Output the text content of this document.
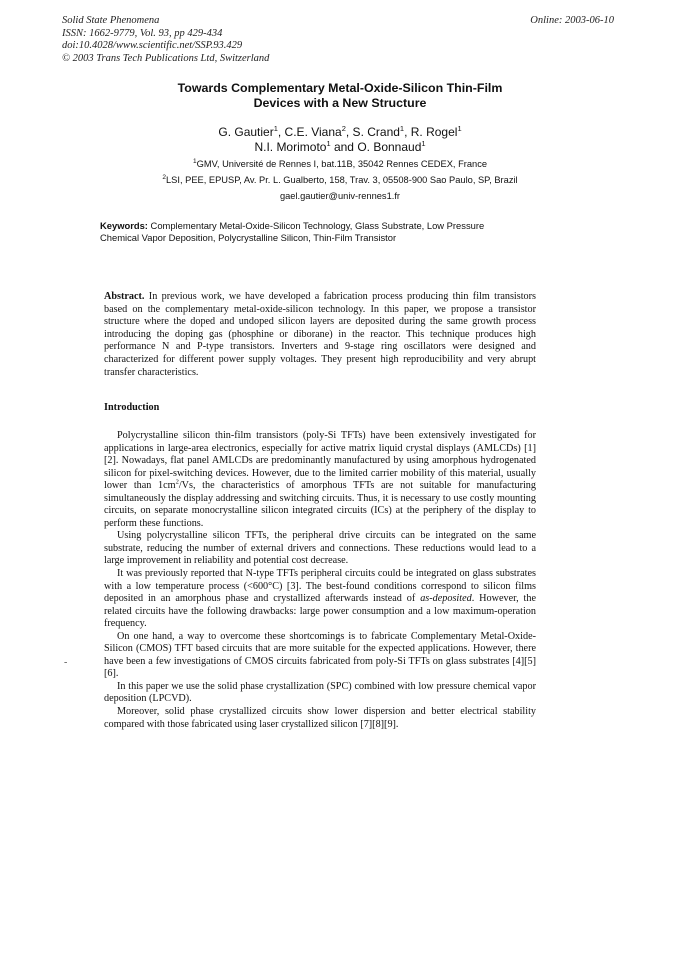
Solid State Phenomena
ISSN: 1662-9779, Vol. 93, pp 429-434
doi:10.4028/www.scientific.net/SSP.93.429
© 2003 Trans Tech Publications Ltd, Switzerland
Online: 2003-06-10
Towards Complementary Metal-Oxide-Silicon Thin-Film
Devices with a New Structure
G. Gautier$^1$, C.E. Viana$^2$, S. Crand$^1$, R. Rogel$^1$
N.I. Morimoto$^1$ and O. Bonnaud$^1$
$^1$GMV, Université de Rennes I, bat.11B, 35042 Rennes CEDEX, France
$^2$LSI, PEE, EPUSP, Av. Pr. L. Gualberto, 158, Trav. 3, 05508-900 Sao Paulo, SP, Brazil
gael.gautier@univ-rennes1.fr
Keywords: Complementary Metal-Oxide-Silicon Technology, Glass Substrate, Low Pressure Chemical Vapor Deposition, Polycrystalline Silicon, Thin-Film Transistor
Abstract. In previous work, we have developed a fabrication process producing thin film transistors based on the complementary metal-oxide-silicon technology. In this paper, we propose a transistor structure where the doped and undoped silicon layers are deposited during the same growth process introducing the doping gas (phosphine or diborane) in the reactor. This technique produces high performance N and P-type transistors. Inverters and 9-stage ring oscillators were designed and characterized for different power supply voltages. They present high reproducibility and very abrupt transfer characteristics.
Introduction

Polycrystalline silicon thin-film transistors (poly-Si TFTs) have been extensively investigated for applications in large-area electronics, especially for active matrix liquid crystal displays (AMLCDs) [1][2]. Nowadays, flat panel AMLCDs are predominantly manufactured by using amorphous hydrogenated silicon for pixel-switching devices. However, due to the limited carrier mobility of this material, usually lower than $1cm^2/Vs$, the characteristics of amorphous TFTs are not suitable for manufacturing simultaneously the display addressing and switching circuits. Thus, it is necessary to use costly mounting circuits, on separate monocrystalline silicon integrated circuits (ICs) at the periphery of the display to perform these functions.

Using polycrystalline silicon TFTs, the peripheral drive circuits can be integrated on the same substrate, reducing the number of external drivers and connections. These reductions would lead to a large improvement in reliability and potential cost decrease.

It was previously reported that N-type TFTs peripheral circuits could be integrated on glass substrates with a low temperature process (<600°C) [3]. The best-found conditions correspond to silicon films deposited in an amorphous phase and crystallized afterwards instead of as-deposited. However, the related circuits have the following drawbacks: large power consumption and a low maximum-operation frequency.

On one hand, a way to overcome these shortcomings is to fabricate Complementary Metal-Oxide-Silicon (CMOS) TFT based circuits that are more suitable for the expected applications. However, there have been a few investigations of CMOS circuits fabricated from poly-Si TFTs on glass substrates [4][5][6].

In this paper we use the solid phase crystallization (SPC) combined with low pressure chemical vapor deposition (LPCVD).

Moreover, solid phase crystallized circuits show lower dispersion and better electrical stability compared with those fabricated using laser crystallized silicon [7][8][9].

-
